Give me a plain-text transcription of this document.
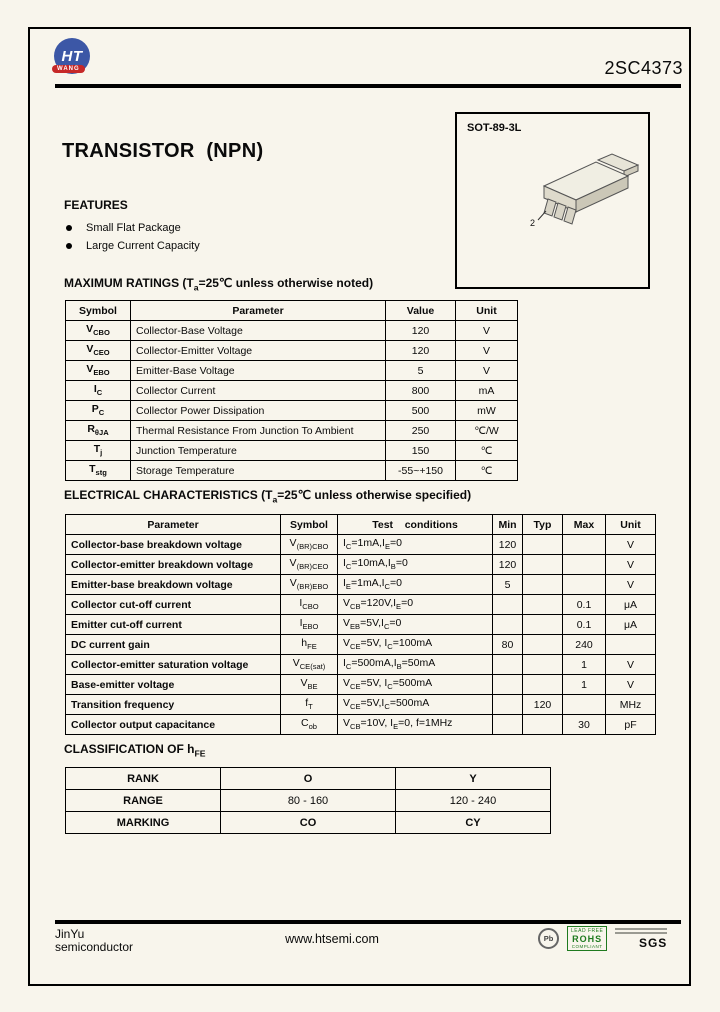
HT
WANG	2SC4373
TRANSISTOR  (NPN)
SOT-89-3L
2
FEATURES
Small Flat Package
Large Current Capacity
MAXIMUM RATINGS ($T_a=25℃$ unless otherwise noted)
Symbol	Parameter	Value	Unit
$V_{CBO}$	Collector-Base Voltage	120	V
$V_{CEO}$	Collector-Emitter Voltage	120	V
$V_{EBO}$	Emitter-Base Voltage	5	V
$I_C$	Collector Current	800	mA
$P_C$	Collector Power Dissipation	500	mW
$R_{\theta JA}$	Thermal Resistance From Junction To Ambient	250	℃/W
$T_j$	Junction Temperature	150	℃
$T_{stg}$	Storage Temperature	-55~+150	℃
ELECTRICAL CHARACTERISTICS ($T_a=25℃$ unless otherwise specified)
Parameter	Symbol	Test    conditions	Min	Typ	Max	Unit
Collector-base breakdown voltage	$V_{(BR)CBO}$	$I_C=1mA,I_E=0$	120			V
Collector-emitter breakdown voltage	$V_{(BR)CEO}$	$I_C=10mA,I_B=0$	120			V
Emitter-base breakdown voltage	$V_{(BR)EBO}$	$I_E=1mA,I_C=0$	5			V
Collector cut-off current	$I_{CBO}$	$V_{CB}=120V,I_E=0$			0.1	μA
Emitter cut-off current	$I_{EBO}$	$V_{EB}=5V,I_C=0$			0.1	μA
DC current gain	$h_{FE}$	$V_{CE}=5V$, $I_C=100mA$	80		240	
Collector-emitter saturation voltage	$V_{CE(sat)}$	$I_C=500mA,I_B=50mA$			1	V
Base-emitter voltage	$V_{BE}$	$V_{CE}=5V$, $I_C=500mA$			1	V
Transition frequency	$f_T$	$V_{CE}=5V,I_C=500mA$		120		MHz
Collector output capacitance	$C_{ob}$	$V_{CB}=10V$, $I_E=0$, f=1MHz			30	pF
CLASSIFICATION OF $h_{FE}$
RANK	O	Y
RANGE	80 - 160	120 - 240
MARKING	CO	CY
JinYu
semiconductor
www.htsemi.com	Pb
LEAD FREE
ROHS
COMPLIANT	SGS
